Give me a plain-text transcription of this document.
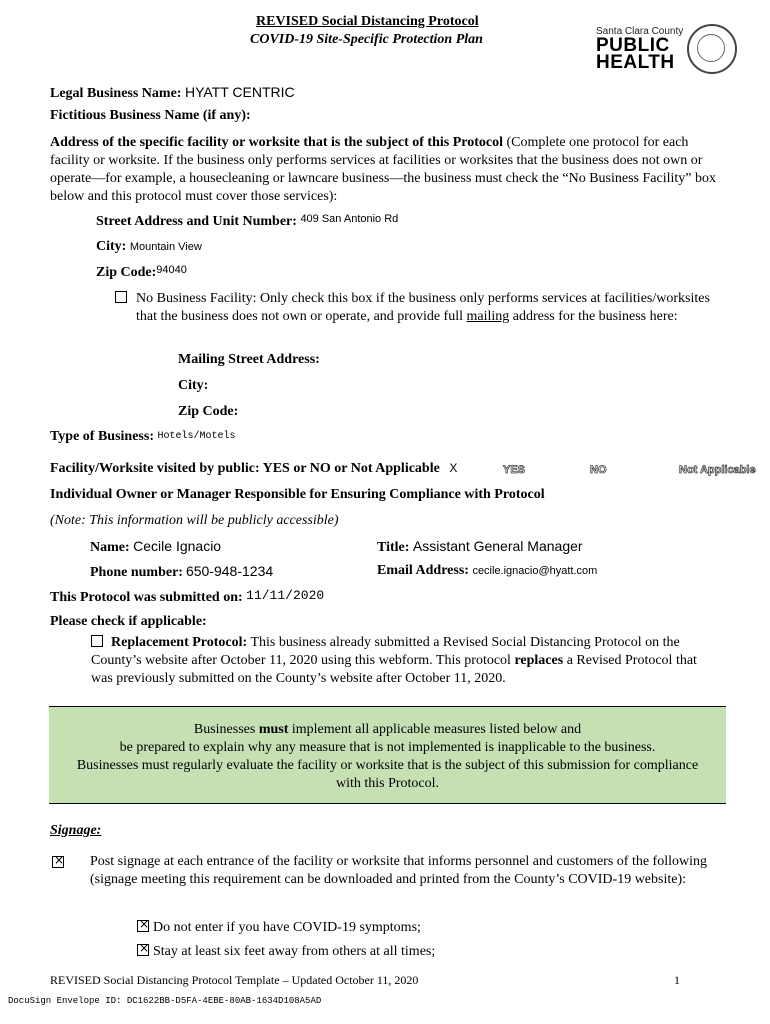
REVISED Social Distancing Protocol
COVID-19 Site-Specific Protection Plan
Santa Clara County
PUBLIC
HEALTH
Legal Business Name: HYATT CENTRIC
Fictitious Business Name (if any):
Address of the specific facility or worksite that is the subject of this Protocol (Complete one protocol for each facility or worksite. If the business only performs services at facilities or worksites that the business does not own or operate—for example, a housecleaning or lawncare business—the business must check the “No Business Facility” box below and this protocol must cover those services):
Street Address and Unit Number: $^{409 San Antonio Rd}$
City: Mountain View
Zip Code:$^{94040}$
No Business Facility: Only check this box if the business only performs services at facilities/worksites that the business does not own or operate, and provide full mailing address for the business here:
Mailing Street Address:
City:
Zip Code:
Type of Business: Hotels/Motels
Facility/Worksite visited by public: YES or NO or Not Applicable X	YES	NO	Not Applicable
Individual Owner or Manager Responsible for Ensuring Compliance with Protocol
(Note: This information will be publicly accessible)
Name: Cecile Ignacio	Title: Assistant General Manager
Phone number: 650-948-1234	Email Address: cecile.ignacio@hyatt.com
This Protocol was submitted on: 11/11/2020
Please check if applicable:
Replacement Protocol: This business already submitted a Revised Social Distancing Protocol on the County’s website after October 11, 2020 using this webform. This protocol replaces a Revised Protocol that was previously submitted on the County’s website after October 11, 2020.
Businesses must implement all applicable measures listed below and
be prepared to explain why any measure that is not implemented is inapplicable to the business.
Businesses must regularly evaluate the facility or worksite that is the subject of this submission for compliance
with this Protocol.
Signage:
×
Post signage at each entrance of the facility or worksite that informs personnel and customers of the following (signage meeting this requirement can be downloaded and printed from the County’s COVID-19 website):
×Do not enter if you have COVID-19 symptoms;
×Stay at least six feet away from others at all times;
REVISED Social Distancing Protocol Template – Updated October 11, 2020	1
DocuSign Envelope ID: DC1622BB-D5FA-4EBE-80AB-1634D108A5AD
